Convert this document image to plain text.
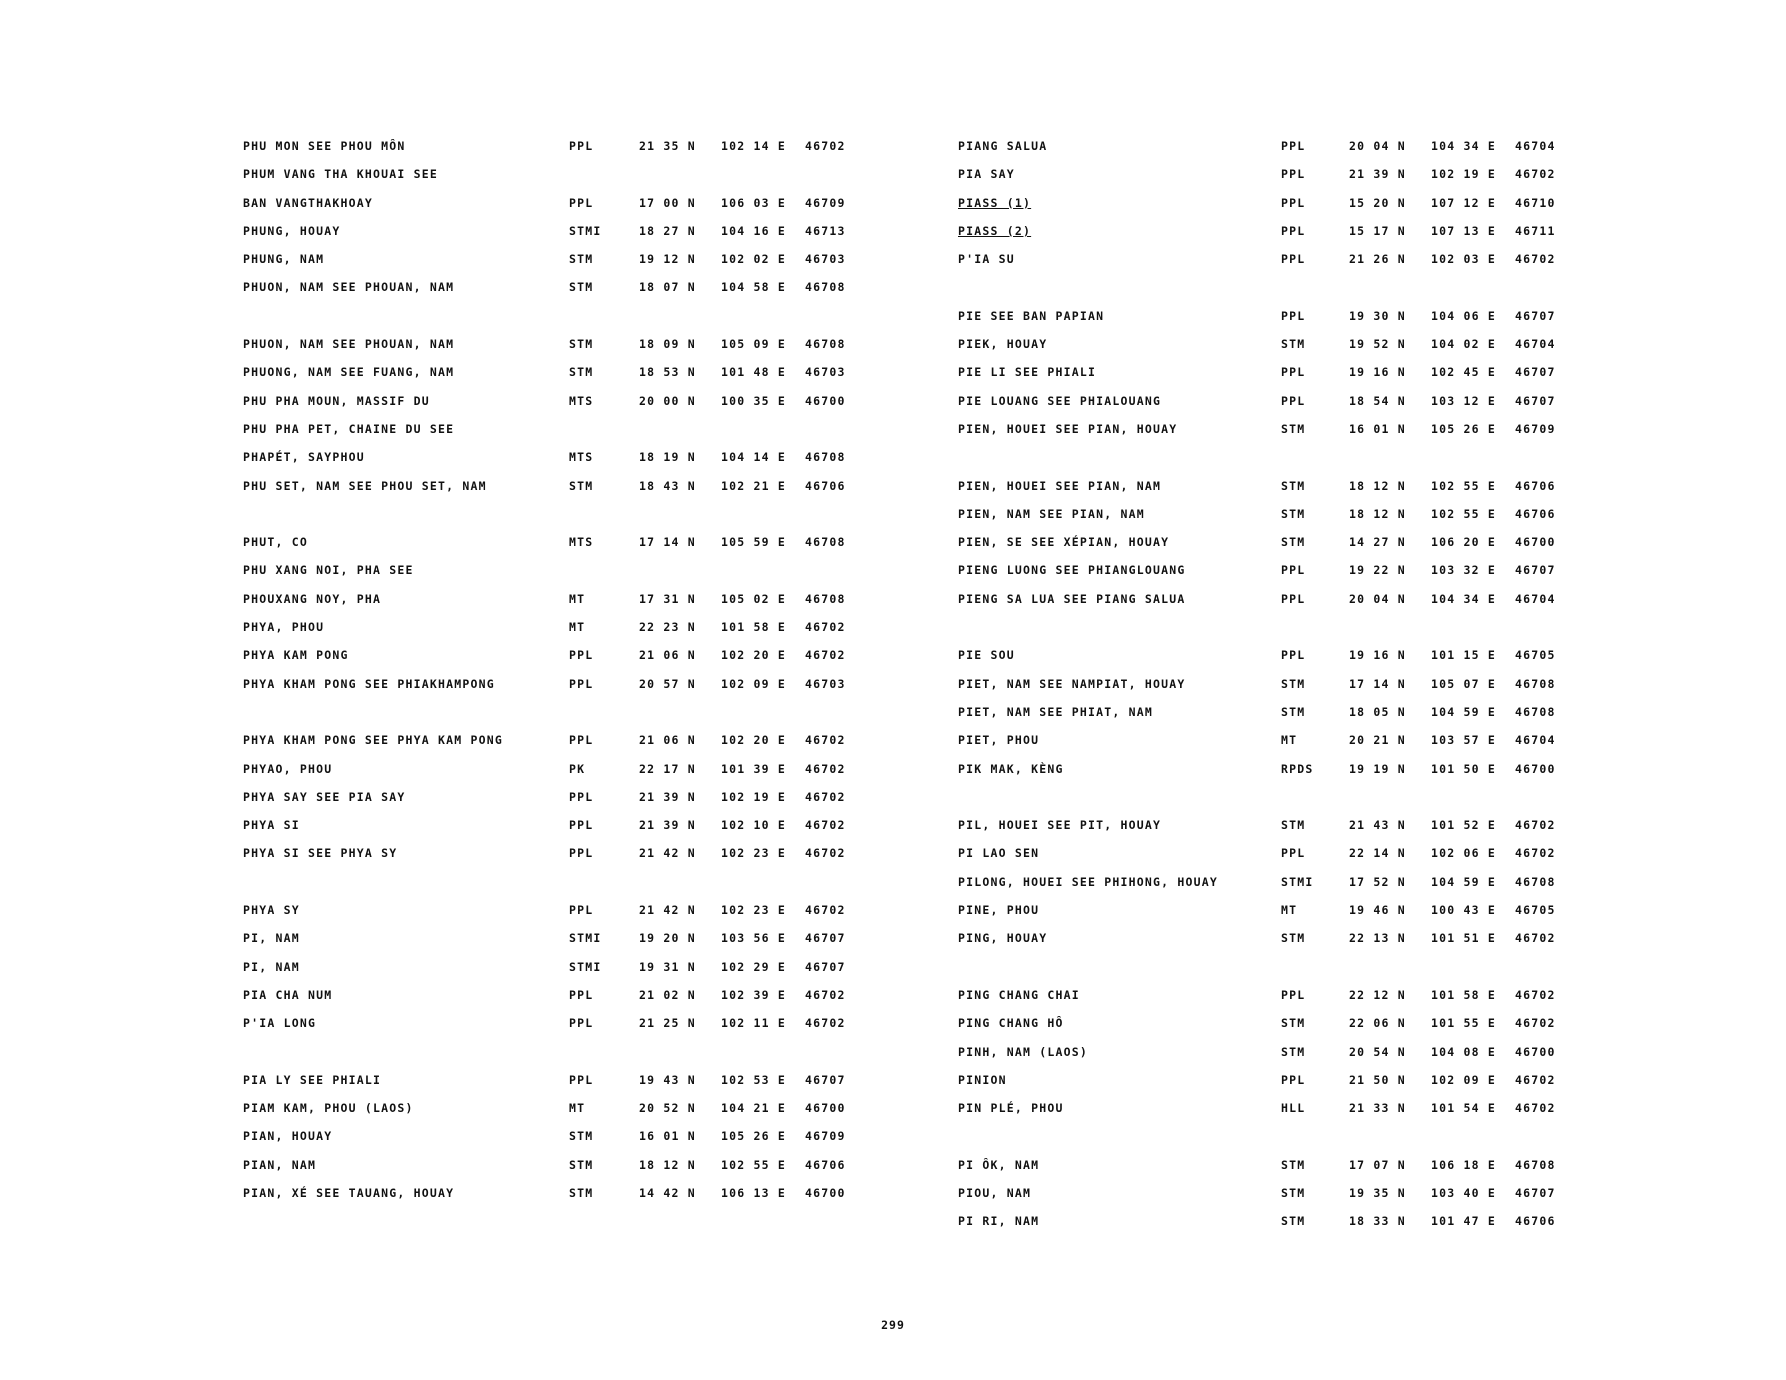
PHU MON SEE PHOU MÔN	PPL	21 35 N 102 14 E 46702
PHUM VANG THA KHOUAI SEE
BAN VANGTHAKHOAY	PPL	17 00 N 106 03 E 46709
PHUNG, HOUAY	STMI	18 27 N 104 16 E 46713
PHUNG, NAM	STM	19 12 N 102 02 E 46703
PHUON, NAM SEE PHOUAN, NAM	STM	18 07 N 104 58 E 46708
PHUON, NAM SEE PHOUAN, NAM	STM	18 09 N 105 09 E 46708
PHUONG, NAM SEE FUANG, NAM	STM	18 53 N 101 48 E 46703
PHU PHA MOUN, MASSIF DU	MTS	20 00 N 100 35 E 46700
PHU PHA PET, CHAINE DU SEE
PHAPÉT, SAYPHOU	MTS	18 19 N 104 14 E 46708
PHU SET, NAM SEE PHOU SET, NAM	STM	18 43 N 102 21 E 46706
PHUT, CO	MTS	17 14 N 105 59 E 46708
PHU XANG NOI, PHA SEE
PHOUXANG NOY, PHA	MT	17 31 N 105 02 E 46708
PHYA, PHOU	MT	22 23 N 101 58 E 46702
PHYA KAM PONG	PPL	21 06 N 102 20 E 46702
PHYA KHAM PONG SEE PHIAKHAMPONG	PPL	20 57 N 102 09 E 46703
PHYA KHAM PONG SEE PHYA KAM PONG	PPL	21 06 N 102 20 E 46702
PHYAO, PHOU	PK	22 17 N 101 39 E 46702
PHYA SAY SEE PIA SAY	PPL	21 39 N 102 19 E 46702
PHYA SI	PPL	21 39 N 102 10 E 46702
PHYA SI SEE PHYA SY	PPL	21 42 N 102 23 E 46702
PHYA SY	PPL	21 42 N 102 23 E 46702
PI, NAM	STMI	19 20 N 103 56 E 46707
PI, NAM	STMI	19 31 N 102 29 E 46707
PIA CHA NUM	PPL	21 02 N 102 39 E 46702
P'IA LONG	PPL	21 25 N 102 11 E 46702
PIA LY SEE PHIALI	PPL	19 43 N 102 53 E 46707
PIAM KAM, PHOU (LAOS)	MT	20 52 N 104 21 E 46700
PIAN, HOUAY	STM	16 01 N 105 26 E 46709
PIAN, NAM	STM	18 12 N 102 55 E 46706
PIAN, XÉ SEE TAUANG, HOUAY	STM	14 42 N 106 13 E 46700
PIANG SALUA	PPL	20 04 N 104 34 E 46704
PIA SAY	PPL	21 39 N 102 19 E 46702
PIASS (1)	PPL	15 20 N 107 12 E 46710
PIASS (2)	PPL	15 17 N 107 13 E 46711
P'IA SU	PPL	21 26 N 102 03 E 46702
PIE SEE BAN PAPIAN	PPL	19 30 N 104 06 E 46707
PIEK, HOUAY	STM	19 52 N 104 02 E 46704
PIE LI SEE PHIALI	PPL	19 16 N 102 45 E 46707
PIE LOUANG SEE PHIALOUANG	PPL	18 54 N 103 12 E 46707
PIEN, HOUEI SEE PIAN, HOUAY	STM	16 01 N 105 26 E 46709
PIEN, HOUEI SEE PIAN, NAM	STM	18 12 N 102 55 E 46706
PIEN, NAM SEE PIAN, NAM	STM	18 12 N 102 55 E 46706
PIEN, SE SEE XÉPIAN, HOUAY	STM	14 27 N 106 20 E 46700
PIENG LUONG SEE PHIANGLOUANG	PPL	19 22 N 103 32 E 46707
PIENG SA LUA SEE PIANG SALUA	PPL	20 04 N 104 34 E 46704
PIE SOU	PPL	19 16 N 101 15 E 46705
PIET, NAM SEE NAMPIAT, HOUAY	STM	17 14 N 105 07 E 46708
PIET, NAM SEE PHIAT, NAM	STM	18 05 N 104 59 E 46708
PIET, PHOU	MT	20 21 N 103 57 E 46704
PIK MAK, KÈNG	RPDS	19 19 N 101 50 E 46700
PIL, HOUEI SEE PIT, HOUAY	STM	21 43 N 101 52 E 46702
PI LAO SEN	PPL	22 14 N 102 06 E 46702
PILONG, HOUEI SEE PHIHONG, HOUAY	STMI	17 52 N 104 59 E 46708
PINE, PHOU	MT	19 46 N 100 43 E 46705
PING, HOUAY	STM	22 13 N 101 51 E 46702
PING CHANG CHAI	PPL	22 12 N 101 58 E 46702
PING CHANG HÔ	STM	22 06 N 101 55 E 46702
PINH, NAM (LAOS)	STM	20 54 N 104 08 E 46700
PINION	PPL	21 50 N 102 09 E 46702
PIN PLÉ, PHOU	HLL	21 33 N 101 54 E 46702
PI ÔK, NAM	STM	17 07 N 106 18 E 46708
PIOU, NAM	STM	19 35 N 103 40 E 46707
PI RI, NAM	STM	18 33 N 101 47 E 46706
299
